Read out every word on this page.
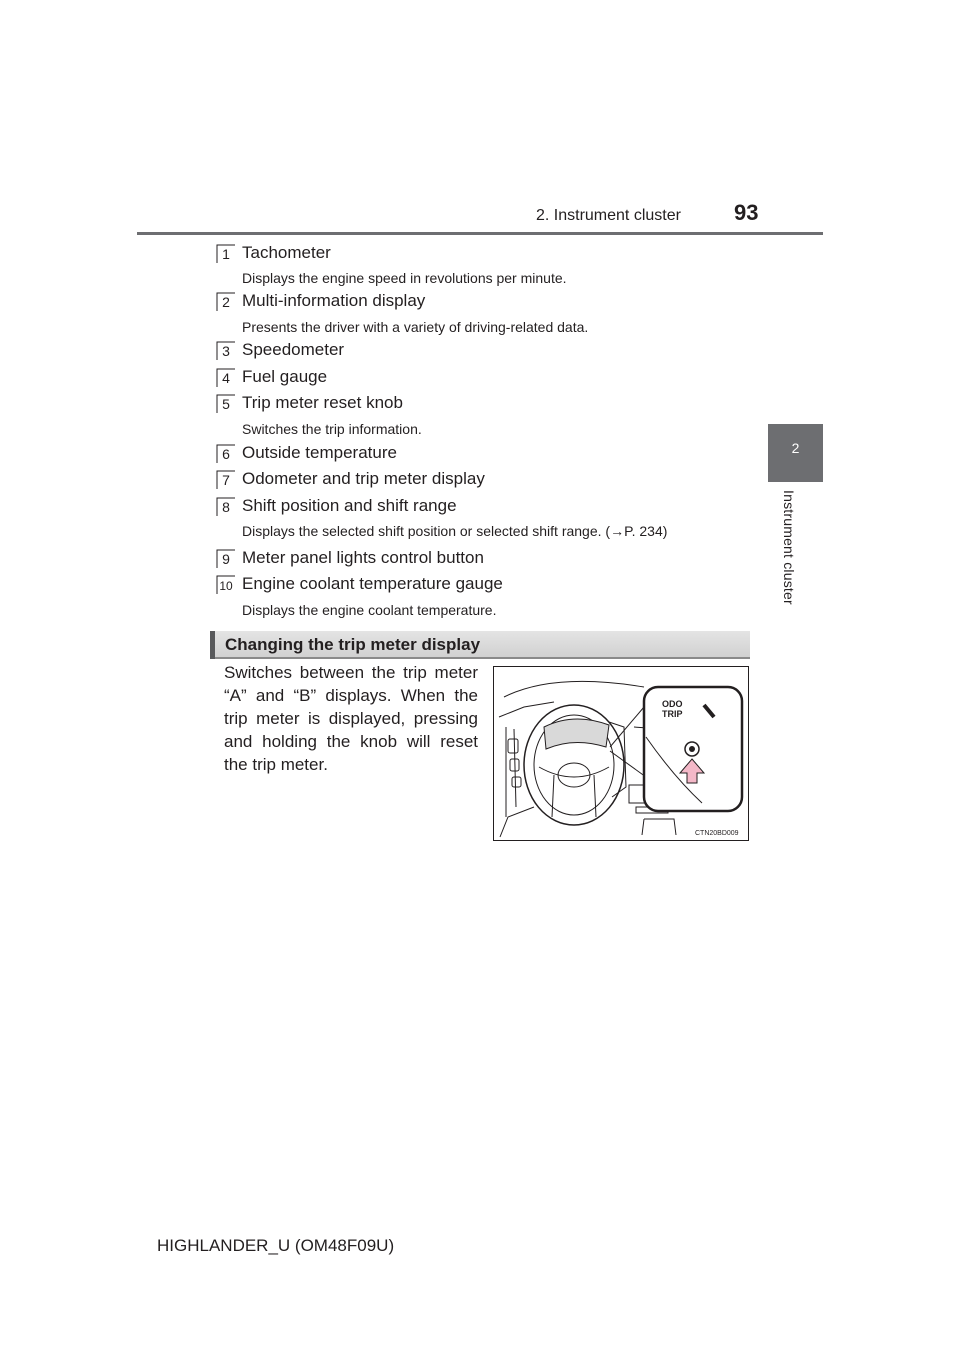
2. Instrument cluster 93
2
Instrument cluster
1 Tachometer
Displays the engine speed in revolutions per minute.
2 Multi-information display
Presents the driver with a variety of driving-related data.
3 Speedometer
4 Fuel gauge
5 Trip meter reset knob
Switches the trip information.
6 Outside temperature
7 Odometer and trip meter display
8 Shift position and shift range
Displays the selected shift position or selected shift range. (→P. 234)
9 Meter panel lights control button
10 Engine coolant temperature gauge
Displays the engine coolant temperature.
Changing the trip meter display
Switches between the trip meter “A” and “B” displays. When the trip meter is displayed, pressing and holding the knob will reset the trip meter.
ODO
TRIP
CTN20BD009
HIGHLANDER_U (OM48F09U)
